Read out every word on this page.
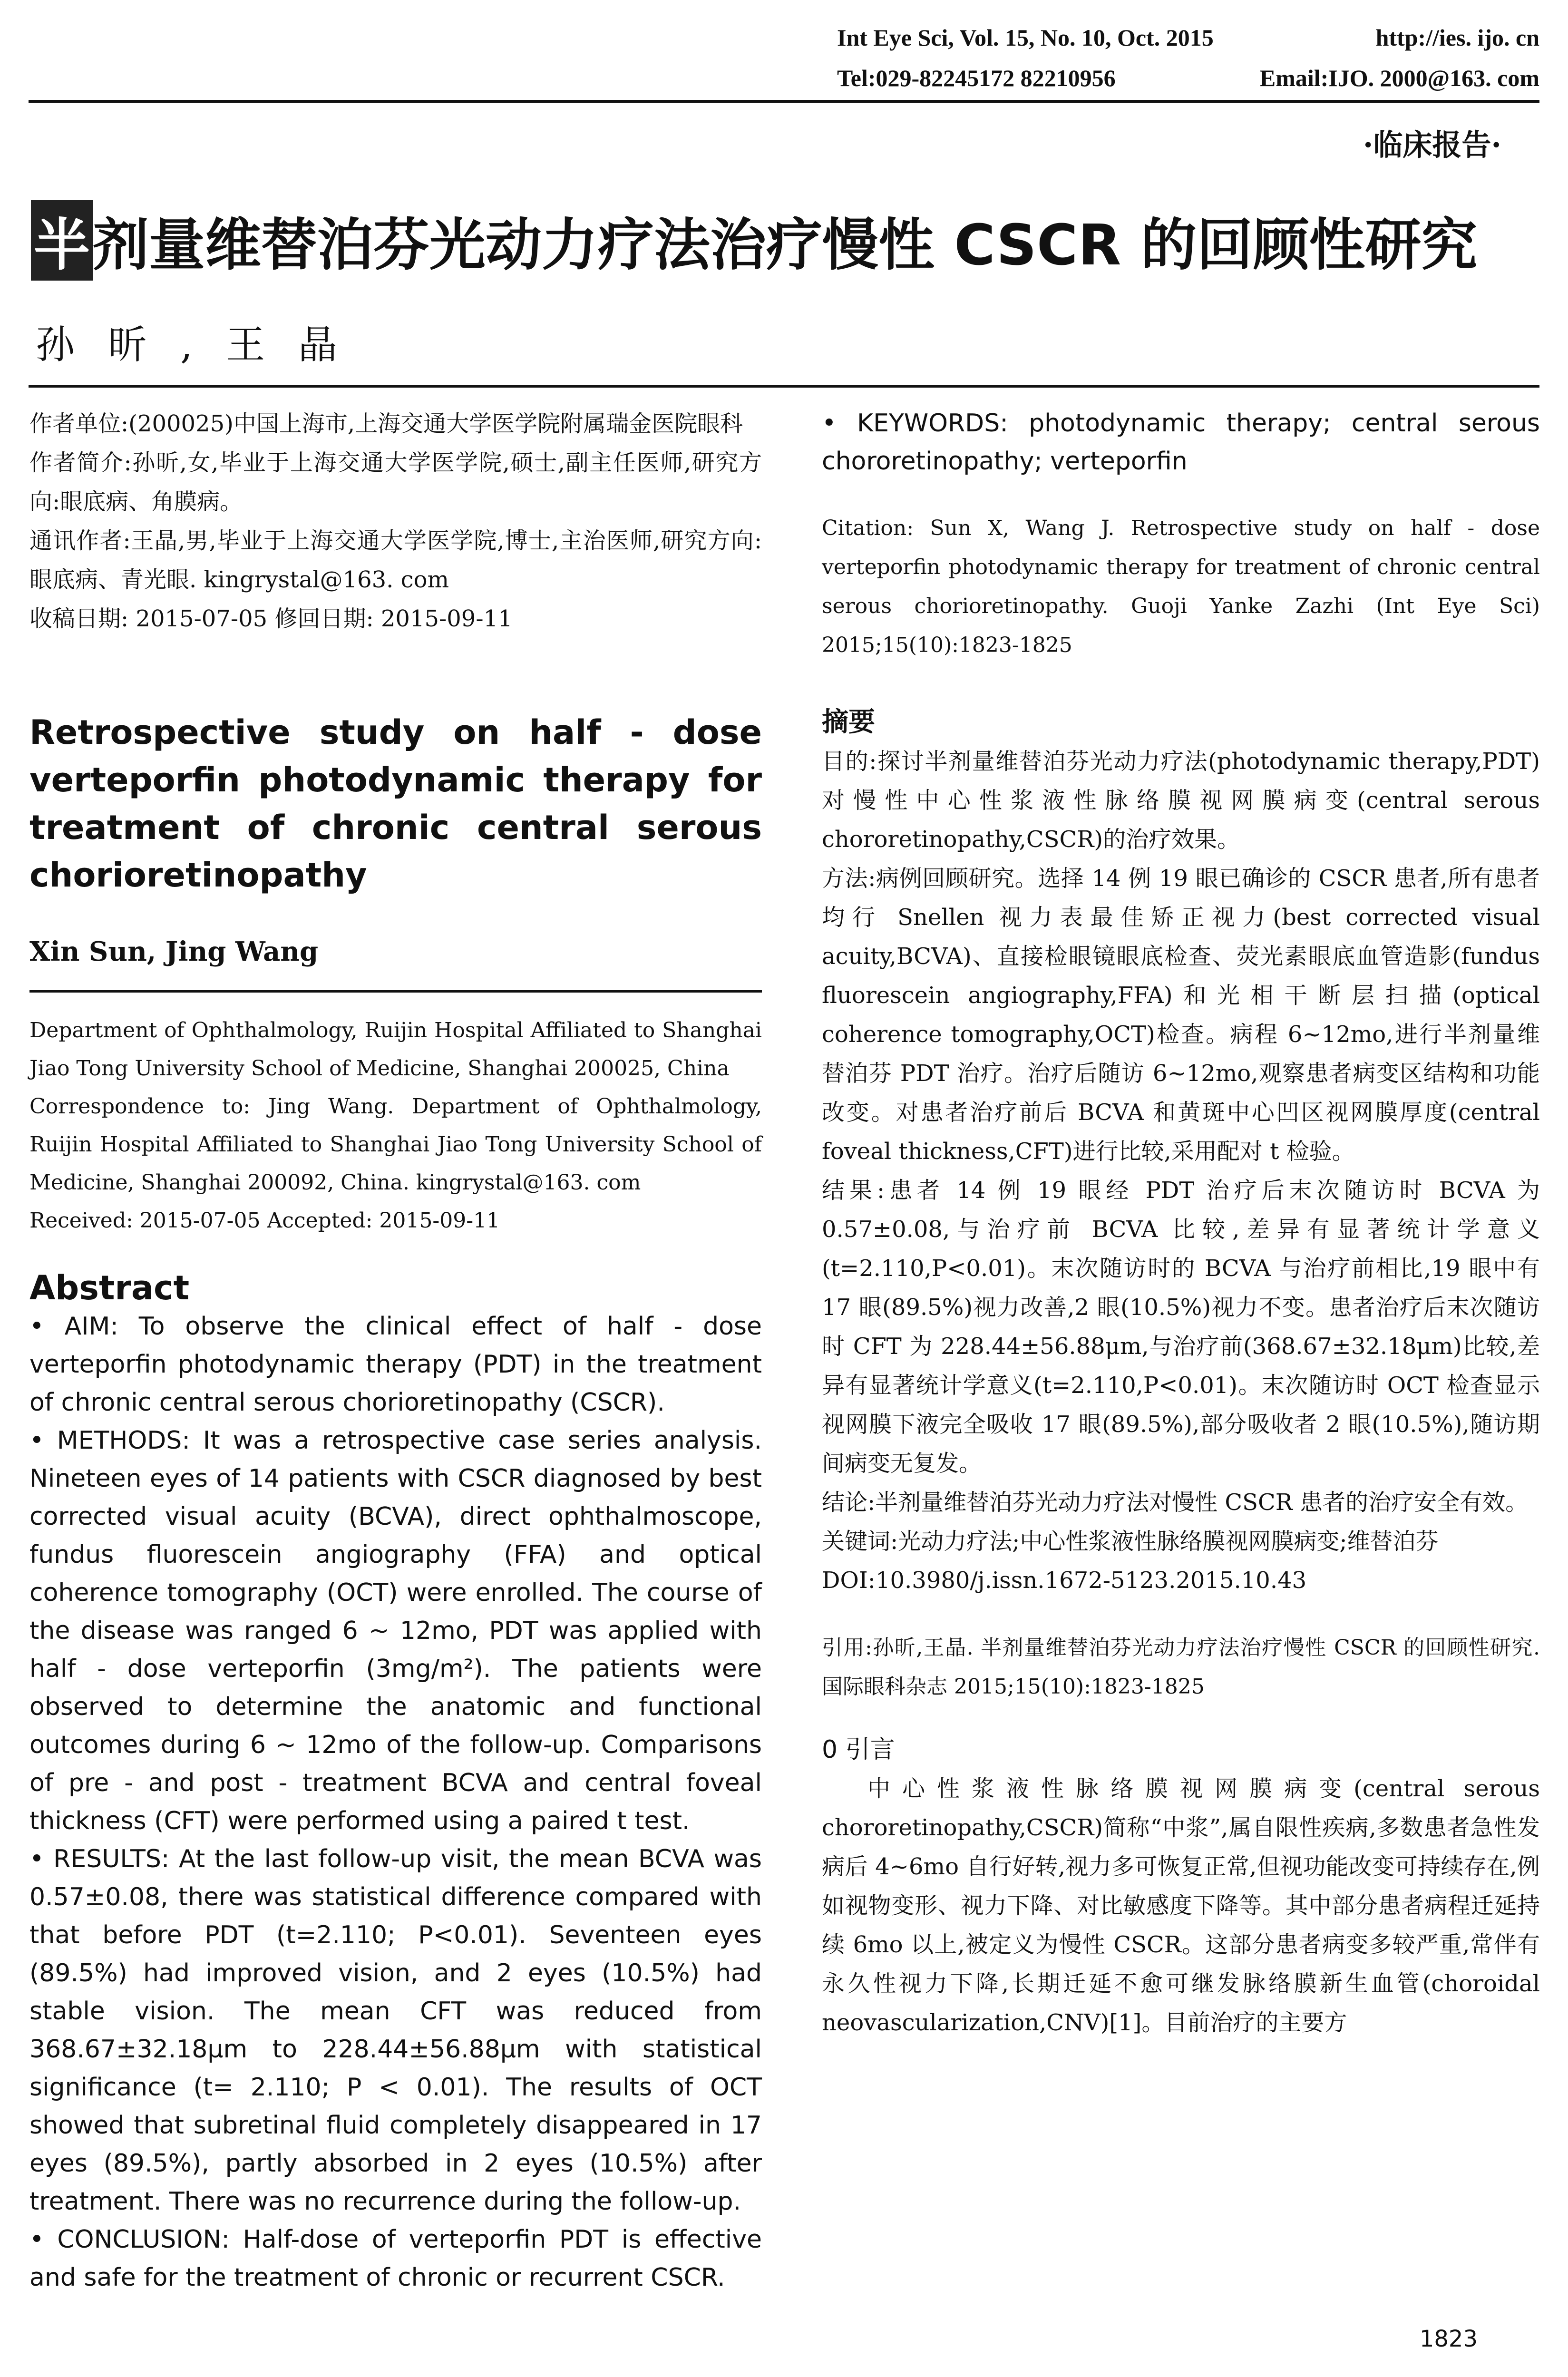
Int Eye Sci, Vol. 15, No. 10, Oct. 2015	http://ies. ijo. cn
Tel:029-82245172 82210956	Email:IJO. 2000@163. com
·临床报告·
半剂量维替泊芬光动力疗法治疗慢性 CSCR 的回顾性研究
孙昕,王晶

作者单位:(200025)中国上海市,上海交通大学医学院附属瑞金医院眼科

作者简介:孙昕,女,毕业于上海交通大学医学院,硕士,副主任医师,研究方向:眼底病、角膜病。

通讯作者:王晶,男,毕业于上海交通大学医学院,博士,主治医师,研究方向:眼底病、青光眼. kingrystal@163. com

收稿日期: 2015-07-05 修回日期: 2015-09-11

Retrospective study on half - dose verteporfin photodynamic therapy for treatment of chronic central serous chorioretinopathy

Xin Sun, Jing Wang

Department of Ophthalmology, Ruijin Hospital Affiliated to Shanghai Jiao Tong University School of Medicine, Shanghai 200025, China

Correspondence to: Jing Wang. Department of Ophthalmology, Ruijin Hospital Affiliated to Shanghai Jiao Tong University School of Medicine, Shanghai 200092, China. kingrystal@163. com

Received: 2015-07-05 Accepted: 2015-09-11

Abstract

• AIM: To observe the clinical effect of half - dose verteporfin photodynamic therapy (PDT) in the treatment of chronic central serous chorioretinopathy (CSCR).

• METHODS: It was a retrospective case series analysis. Nineteen eyes of 14 patients with CSCR diagnosed by best corrected visual acuity (BCVA), direct ophthalmoscope, fundus fluorescein angiography (FFA) and optical coherence tomography (OCT) were enrolled. The course of the disease was ranged 6 ~ 12mo, PDT was applied with half - dose verteporfin (3mg/m²). The patients were observed to determine the anatomic and functional outcomes during 6 ~ 12mo of the follow-up. Comparisons of pre - and post - treatment BCVA and central foveal thickness (CFT) were performed using a paired t test.

• RESULTS: At the last follow-up visit, the mean BCVA was 0.57±0.08, there was statistical difference compared with that before PDT (t=2.110; P<0.01). Seventeen eyes (89.5%) had improved vision, and 2 eyes (10.5%) had stable vision. The mean CFT was reduced from 368.67±32.18μm to 228.44±56.88μm with statistical significance (t= 2.110; P < 0.01). The results of OCT showed that subretinal fluid completely disappeared in 17 eyes (89.5%), partly absorbed in 2 eyes (10.5%) after treatment. There was no recurrence during the follow-up.

• CONCLUSION: Half-dose of verteporfin PDT is effective and safe for the treatment of chronic or recurrent CSCR.

• KEYWORDS: photodynamic therapy; central serous chororetinopathy; verteporfin

Citation: Sun X, Wang J. Retrospective study on half - dose verteporfin photodynamic therapy for treatment of chronic central serous chorioretinopathy. Guoji Yanke Zazhi (Int Eye Sci) 2015;15(10):1823-1825

摘要

目的:探讨半剂量维替泊芬光动力疗法(photodynamic therapy,PDT)对慢性中心性浆液性脉络膜视网膜病变(central serous chororetinopathy,CSCR)的治疗效果。

方法:病例回顾研究。选择 14 例 19 眼已确诊的 CSCR 患者,所有患者均行 Snellen 视力表最佳矫正视力(best corrected visual acuity,BCVA)、直接检眼镜眼底检查、荧光素眼底血管造影(fundus fluorescein angiography,FFA)和光相干断层扫描(optical coherence tomography,OCT)检查。病程 6~12mo,进行半剂量维替泊芬 PDT 治疗。治疗后随访 6~12mo,观察患者病变区结构和功能改变。对患者治疗前后 BCVA 和黄斑中心凹区视网膜厚度(central foveal thickness,CFT)进行比较,采用配对 t 检验。

结果:患者 14 例 19 眼经 PDT 治疗后末次随访时 BCVA 为 0.57±0.08,与治疗前 BCVA 比较,差异有显著统计学意义(t=2.110,P<0.01)。末次随访时的 BCVA 与治疗前相比,19 眼中有 17 眼(89.5%)视力改善,2 眼(10.5%)视力不变。患者治疗后末次随访时 CFT 为 228.44±56.88μm,与治疗前(368.67±32.18μm)比较,差异有显著统计学意义(t=2.110,P<0.01)。末次随访时 OCT 检查显示视网膜下液完全吸收 17 眼(89.5%),部分吸收者 2 眼(10.5%),随访期间病变无复发。

结论:半剂量维替泊芬光动力疗法对慢性 CSCR 患者的治疗安全有效。

关键词:光动力疗法;中心性浆液性脉络膜视网膜病变;维替泊芬

DOI:10.3980/j.issn.1672-5123.2015.10.43

引用:孙昕,王晶. 半剂量维替泊芬光动力疗法治疗慢性 CSCR 的回顾性研究. 国际眼科杂志 2015;15(10):1823-1825

0 引言

中心性浆液性脉络膜视网膜病变(central serous chororetinopathy,CSCR)简称“中浆”,属自限性疾病,多数患者急性发病后 4~6mo 自行好转,视力多可恢复正常,但视功能改变可持续存在,例如视物变形、视力下降、对比敏感度下降等。其中部分患者病程迁延持续 6mo 以上,被定义为慢性 CSCR。这部分患者病变多较严重,常伴有永久性视力下降,长期迁延不愈可继发脉络膜新生血管(choroidal neovascularization,CNV)[1]。目前治疗的主要方

1823
